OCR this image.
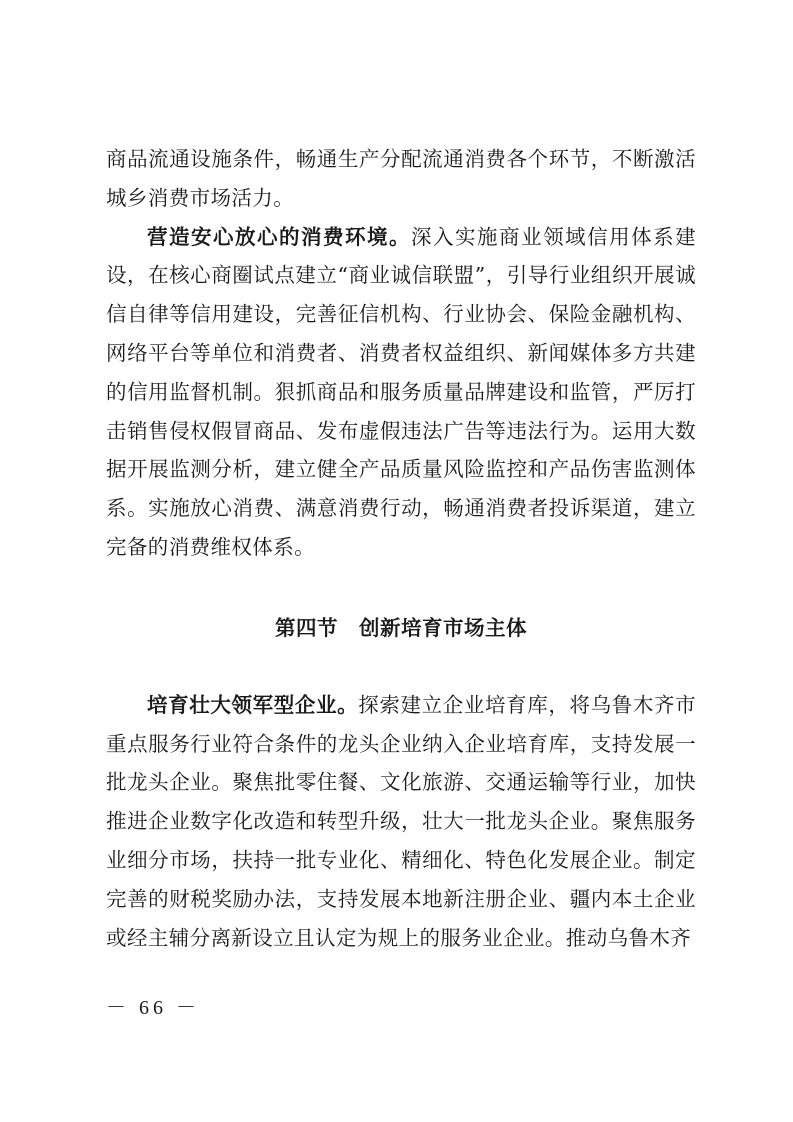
商品流通设施条件，畅通生产分配流通消费各个环节，不断激活城乡消费市场活力。

营造安心放心的消费环境。深入实施商业领域信用体系建设，在核心商圈试点建立“商业诚信联盟”，引导行业组织开展诚信自律等信用建设，完善征信机构、行业协会、保险金融机构、网络平台等单位和消费者、消费者权益组织、新闻媒体多方共建的信用监督机制。狠抓商品和服务质量品牌建设和监管，严厉打击销售侵权假冒商品、发布虚假违法广告等违法行为。运用大数据开展监测分析，建立健全产品质量风险监控和产品伤害监测体系。实施放心消费、满意消费行动，畅通消费者投诉渠道，建立完备的消费维权体系。

第四节　创新培育市场主体

培育壮大领军型企业。探索建立企业培育库，将乌鲁木齐市重点服务行业符合条件的龙头企业纳入企业培育库，支持发展一批龙头企业。聚焦批零住餐、文化旅游、交通运输等行业，加快推进企业数字化改造和转型升级，壮大一批龙头企业。聚焦服务业细分市场，扶持一批专业化、精细化、特色化发展企业。制定完善的财税奖励办法，支持发展本地新注册企业、疆内本土企业或经主辅分离新设立且认定为规上的服务业企业。推动乌鲁木齐

－ 66 －
